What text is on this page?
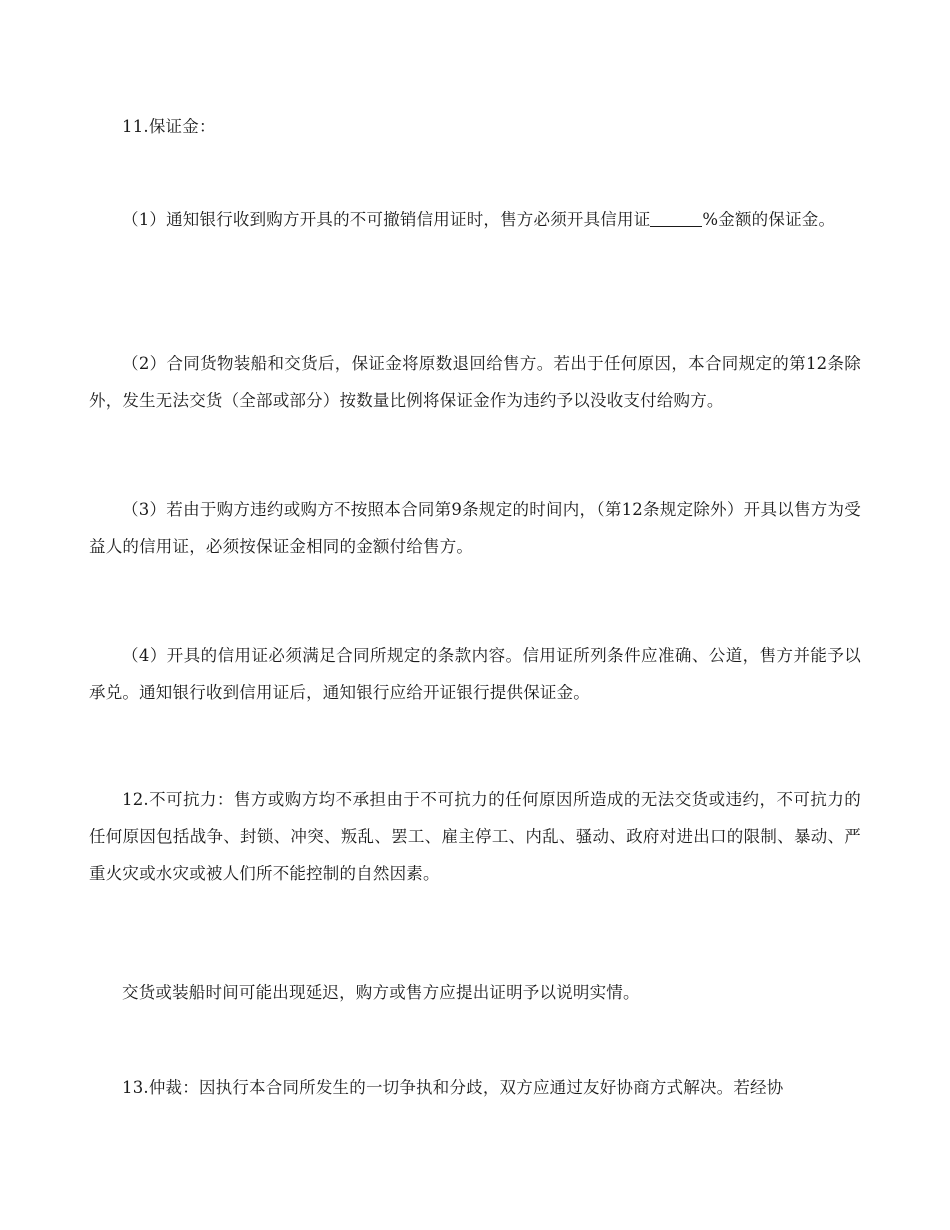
11.保证金：

（1）通知银行收到购方开具的不可撤销信用证时，售方必须开具信用证	%金额的保证金。

（2）合同货物装船和交货后，保证金将原数退回给售方。若出于任何原因，本合同规定的第12条除外，发生无法交货（全部或部分）按数量比例将保证金作为违约予以没收支付给购方。

（3）若由于购方违约或购方不按照本合同第9条规定的时间内，（第12条规定除外）开具以售方为受益人的信用证，必须按保证金相同的金额付给售方。

（4）开具的信用证必须满足合同所规定的条款内容。信用证所列条件应准确、公道，售方并能予以承兑。通知银行收到信用证后，通知银行应给开证银行提供保证金。

12.不可抗力：售方或购方均不承担由于不可抗力的任何原因所造成的无法交货或违约，不可抗力的任何原因包括战争、封锁、冲突、叛乱、罢工、雇主停工、内乱、骚动、政府对进出口的限制、暴动、严重火灾或水灾或被人们所不能控制的自然因素。

交货或装船时间可能出现延迟，购方或售方应提出证明予以说明实情。

13.仲裁：因执行本合同所发生的一切争执和分歧，双方应通过友好协商方式解决。若经协
